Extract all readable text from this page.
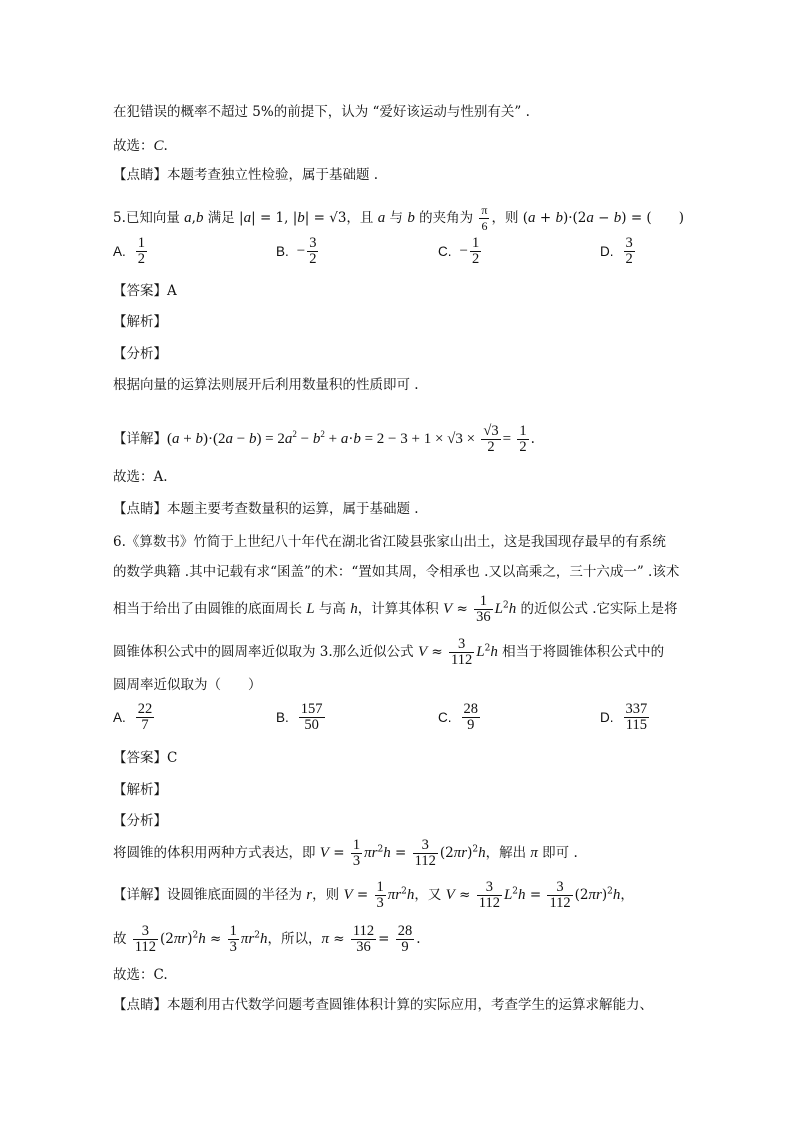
在犯错误的概率不超过 5%的前提下，认为 “爱好该运动与性别有关” .
故选：C.
【点睛】本题考查独立性检验，属于基础题 .
5.已知向量 a,b 满足 |a| = 1, |b| = √3，且 a 与 b 的夹角为 $\frac{\pi}{6}$ ，则 (a + b)·(2a − b) = (　　)
A. $\frac{1}{2}$	B. − $\frac{3}{2}$	C. − $\frac{1}{2}$	D. $\frac{3}{2}$
【答案】A
【解析】
【分析】
根据向量的运算法则展开后利用数量积的性质即可 .
【详解】$(a + b)\cdot(2a - b) = 2a^2 - b^2 + a\cdot b = 2 - 3 + 1 \times √3 \times \frac{√3}{2} = \frac{1}{2}$ .
故选：A.
【点睛】本题主要考查数量积的运算，属于基础题 .
6.《算数书》竹简于上世纪八十年代在湖北省江陵县张家山出土，这是我国现存最早的有系统
的数学典籍 .其中记载有求“囷盖”的术：“置如其周，令相承也 .又以高乘之，三十六成一” .该术
相当于给出了由圆锥的底面周长 L 与高 h，计算其体积 $V \approx \frac{1}{36} L^2h$ 的近似公式 .它实际上是将
圆锥体积公式中的圆周率近似取为 3.那么近似公式 $V \approx \frac{3}{112} L^2h$ 相当于将圆锥体积公式中的
圆周率近似取为（　　）
A. $\frac{22}{7}$	B. $\frac{157}{50}$	C. $\frac{28}{9}$	D. $\frac{337}{115}$
【答案】C
【解析】
【分析】
将圆锥的体积用两种方式表达，即 $V = \frac{1}{3} \pi r^2h = \frac{3}{112} (2\pi r)^2h$，解出 π 即可 .
【详解】设圆锥底面圆的半径为 r，则 $V = \frac{1}{3} \pi r^2h$，又 $V \approx \frac{3}{112} L^2h = \frac{3}{112} (2\pi r)^2h$，
故 $\frac{3}{112} (2\pi r)^2h \approx \frac{1}{3} \pi r^2h$，所以，$\pi \approx \frac{112}{36} = \frac{28}{9}$ .
故选：C.
【点睛】本题利用古代数学问题考查圆锥体积计算的实际应用，考查学生的运算求解能力、
